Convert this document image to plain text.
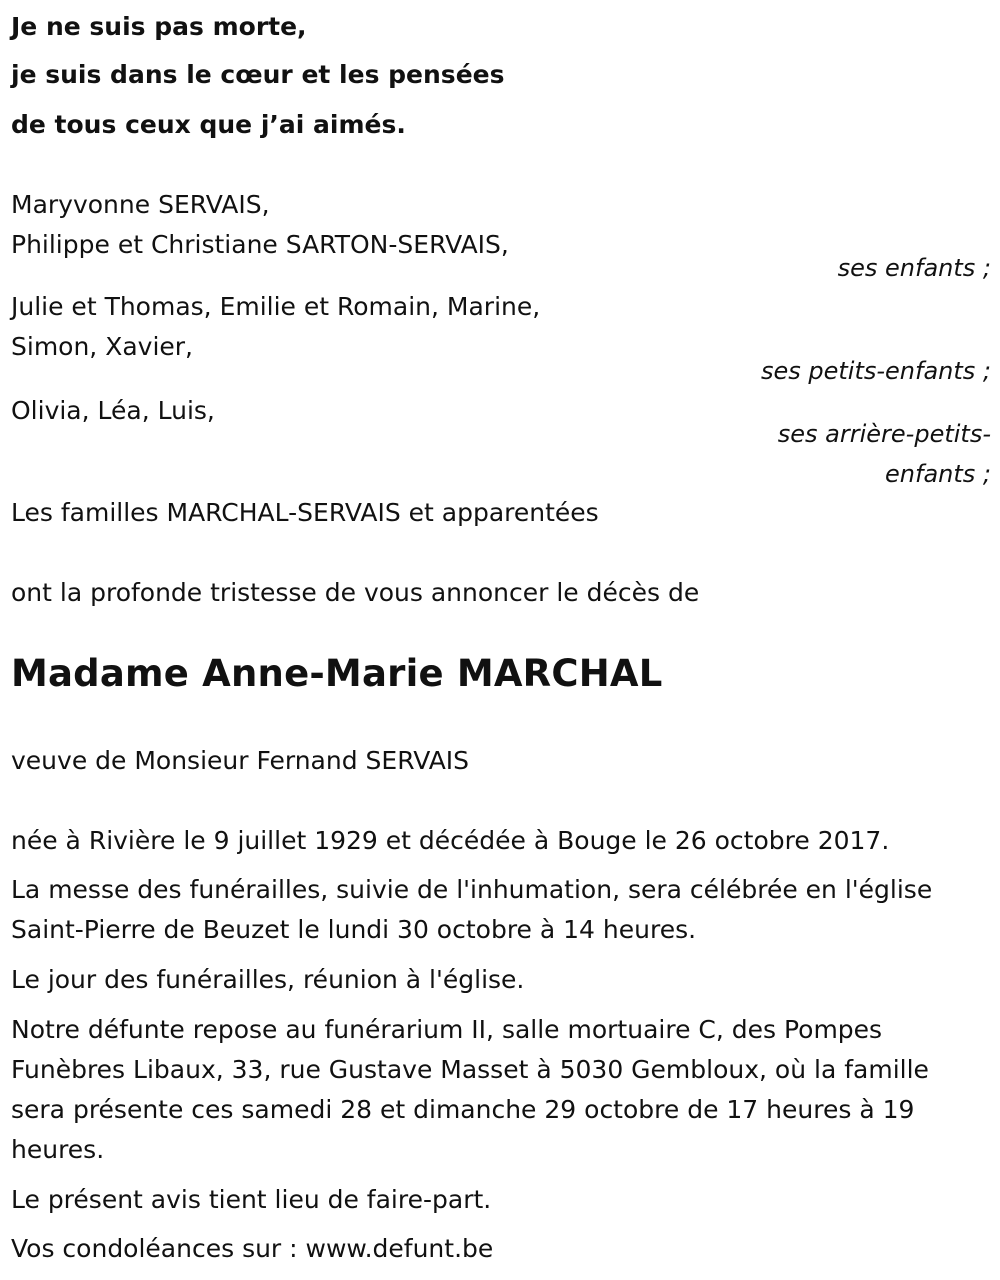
Je ne suis pas morte,
je suis dans le cœur et les pensées
de tous ceux que j’ai aimés.
Maryvonne SERVAIS,
Philippe et Christiane SARTON-SERVAIS,
ses enfants ;
Julie et Thomas, Emilie et Romain, Marine,
Simon, Xavier,
ses petits-enfants ;
Olivia, Léa, Luis,
ses arrière-petits-
enfants ;
Les familles MARCHAL-SERVAIS et apparentées
ont la profonde tristesse de vous annoncer le décès de
Madame Anne-Marie MARCHAL
veuve de Monsieur Fernand SERVAIS
née à Rivière le 9 juillet 1929 et décédée à Bouge le 26 octobre 2017.
La messe des funérailles, suivie de l'inhumation, sera célébrée en l'église Saint-Pierre de Beuzet le lundi 30 octobre à 14 heures.
Le jour des funérailles, réunion à l'église.
Notre défunte repose au funérarium II, salle mortuaire C, des Pompes Funèbres Libaux, 33, rue Gustave Masset à 5030 Gembloux, où la famille sera présente ces samedi 28 et dimanche 29 octobre de 17 heures à 19 heures.
Le présent avis tient lieu de faire-part.
Vos condoléances sur : www.defunt.be
